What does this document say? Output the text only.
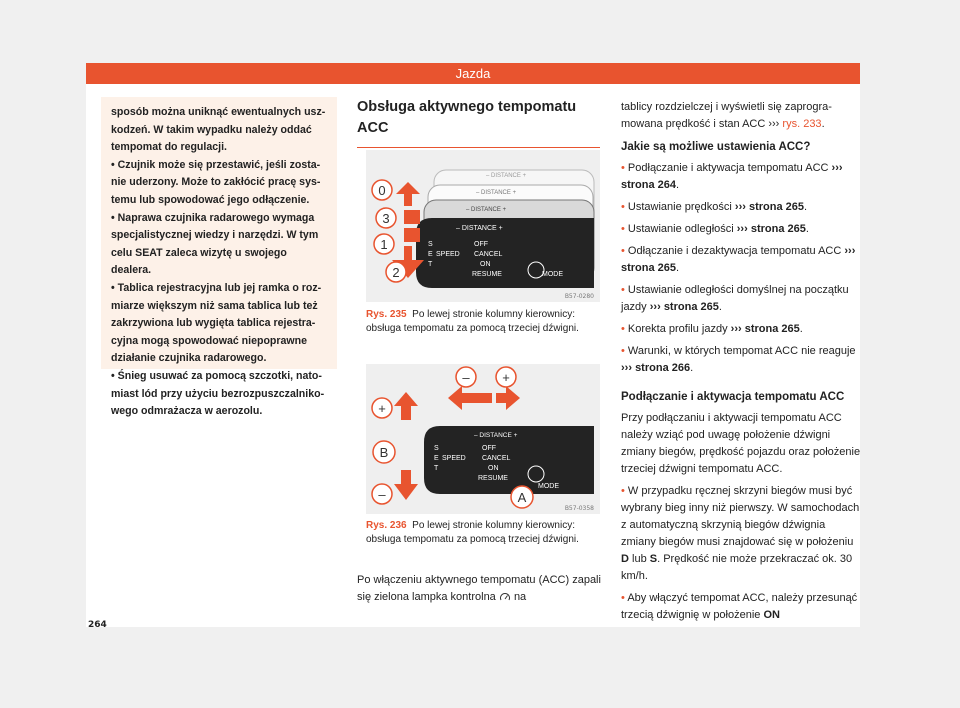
Jazda

sposób można uniknąć ewentualnych uszkodzeń. W takim wypadku należy oddać tempomat do regulacji.

• Czujnik może się przestawić, jeśli zostanie uderzony. Może to zakłócić pracę systemu lub spowodować jego odłączenie.

• Naprawa czujnika radarowego wymaga specjalistycznej wiedzy i narzędzi. W tym celu SEAT zaleca wizytę u swojego dealera.

• Tablica rejestracyjna lub jej ramka o rozmiarze większym niż sama tablica lub też zakrzywiona lub wygięta tablica rejestracyjna mogą spowodować niepoprawne działanie czujnika radarowego.

• Śnieg usuwać za pomocą szczotki, natomiast lód przy użyciu bezrozpuszczalnikowego odmrażacza w aerozolu.

Obsługa aktywnego tempomatu ACC
– DISTANCE +
– DISTANCE +
– DISTANCE +
– DISTANCE +
S
E
T
SPEED
OFF
CANCEL
ON
RESUME	MODE
0
3
1
2
B57-0280
Rys. 235 Po lewej stronie kolumny kierownicy: obsługa tempomatu za pomocą trzeciej dźwigni.
– DISTANCE +
S
E
T
SPEED
OFF
CANCEL
ON
RESUME
MODE
–	+
+
B
–	A
B57-0358
Rys. 236 Po lewej stronie kolumny kierownicy: obsługa tempomatu za pomocą trzeciej dźwigni.
Po włączeniu aktywnego tempomatu (ACC) zapali się zielona lampka kontrolna na

tablicy rozdzielczej i wyświetli się zaprogramowana prędkość i stan ACC ››› rys. 233.

Jakie są możliwe ustawienia ACC?

• Podłączanie i aktywacja tempomatu ACC ››› strona 264.

• Ustawianie prędkości ››› strona 265.

• Ustawianie odległości ››› strona 265.

• Odłączanie i dezaktywacja tempomatu ACC ››› strona 265.

• Ustawianie odległości domyślnej na początku jazdy ››› strona 265.

• Korekta profilu jazdy ››› strona 265.

• Warunki, w których tempomat ACC nie reaguje ››› strona 266.

Podłączanie i aktywacja tempomatu ACC

Przy podłączaniu i aktywacji tempomatu ACC należy wziąć pod uwagę położenie dźwigni zmiany biegów, prędkość pojazdu oraz położenie trzeciej dźwigni tempomatu ACC.

• W przypadku ręcznej skrzyni biegów musi być wybrany bieg inny niż pierwszy. W samochodach z automatyczną skrzynią biegów dźwignia zmiany biegów musi znajdować się w położeniu D lub S. Prędkość nie może przekraczać ok. 30 km/h.

• Aby włączyć tempomat ACC, należy przesunąć trzecią dźwignię w położenie ON

264
